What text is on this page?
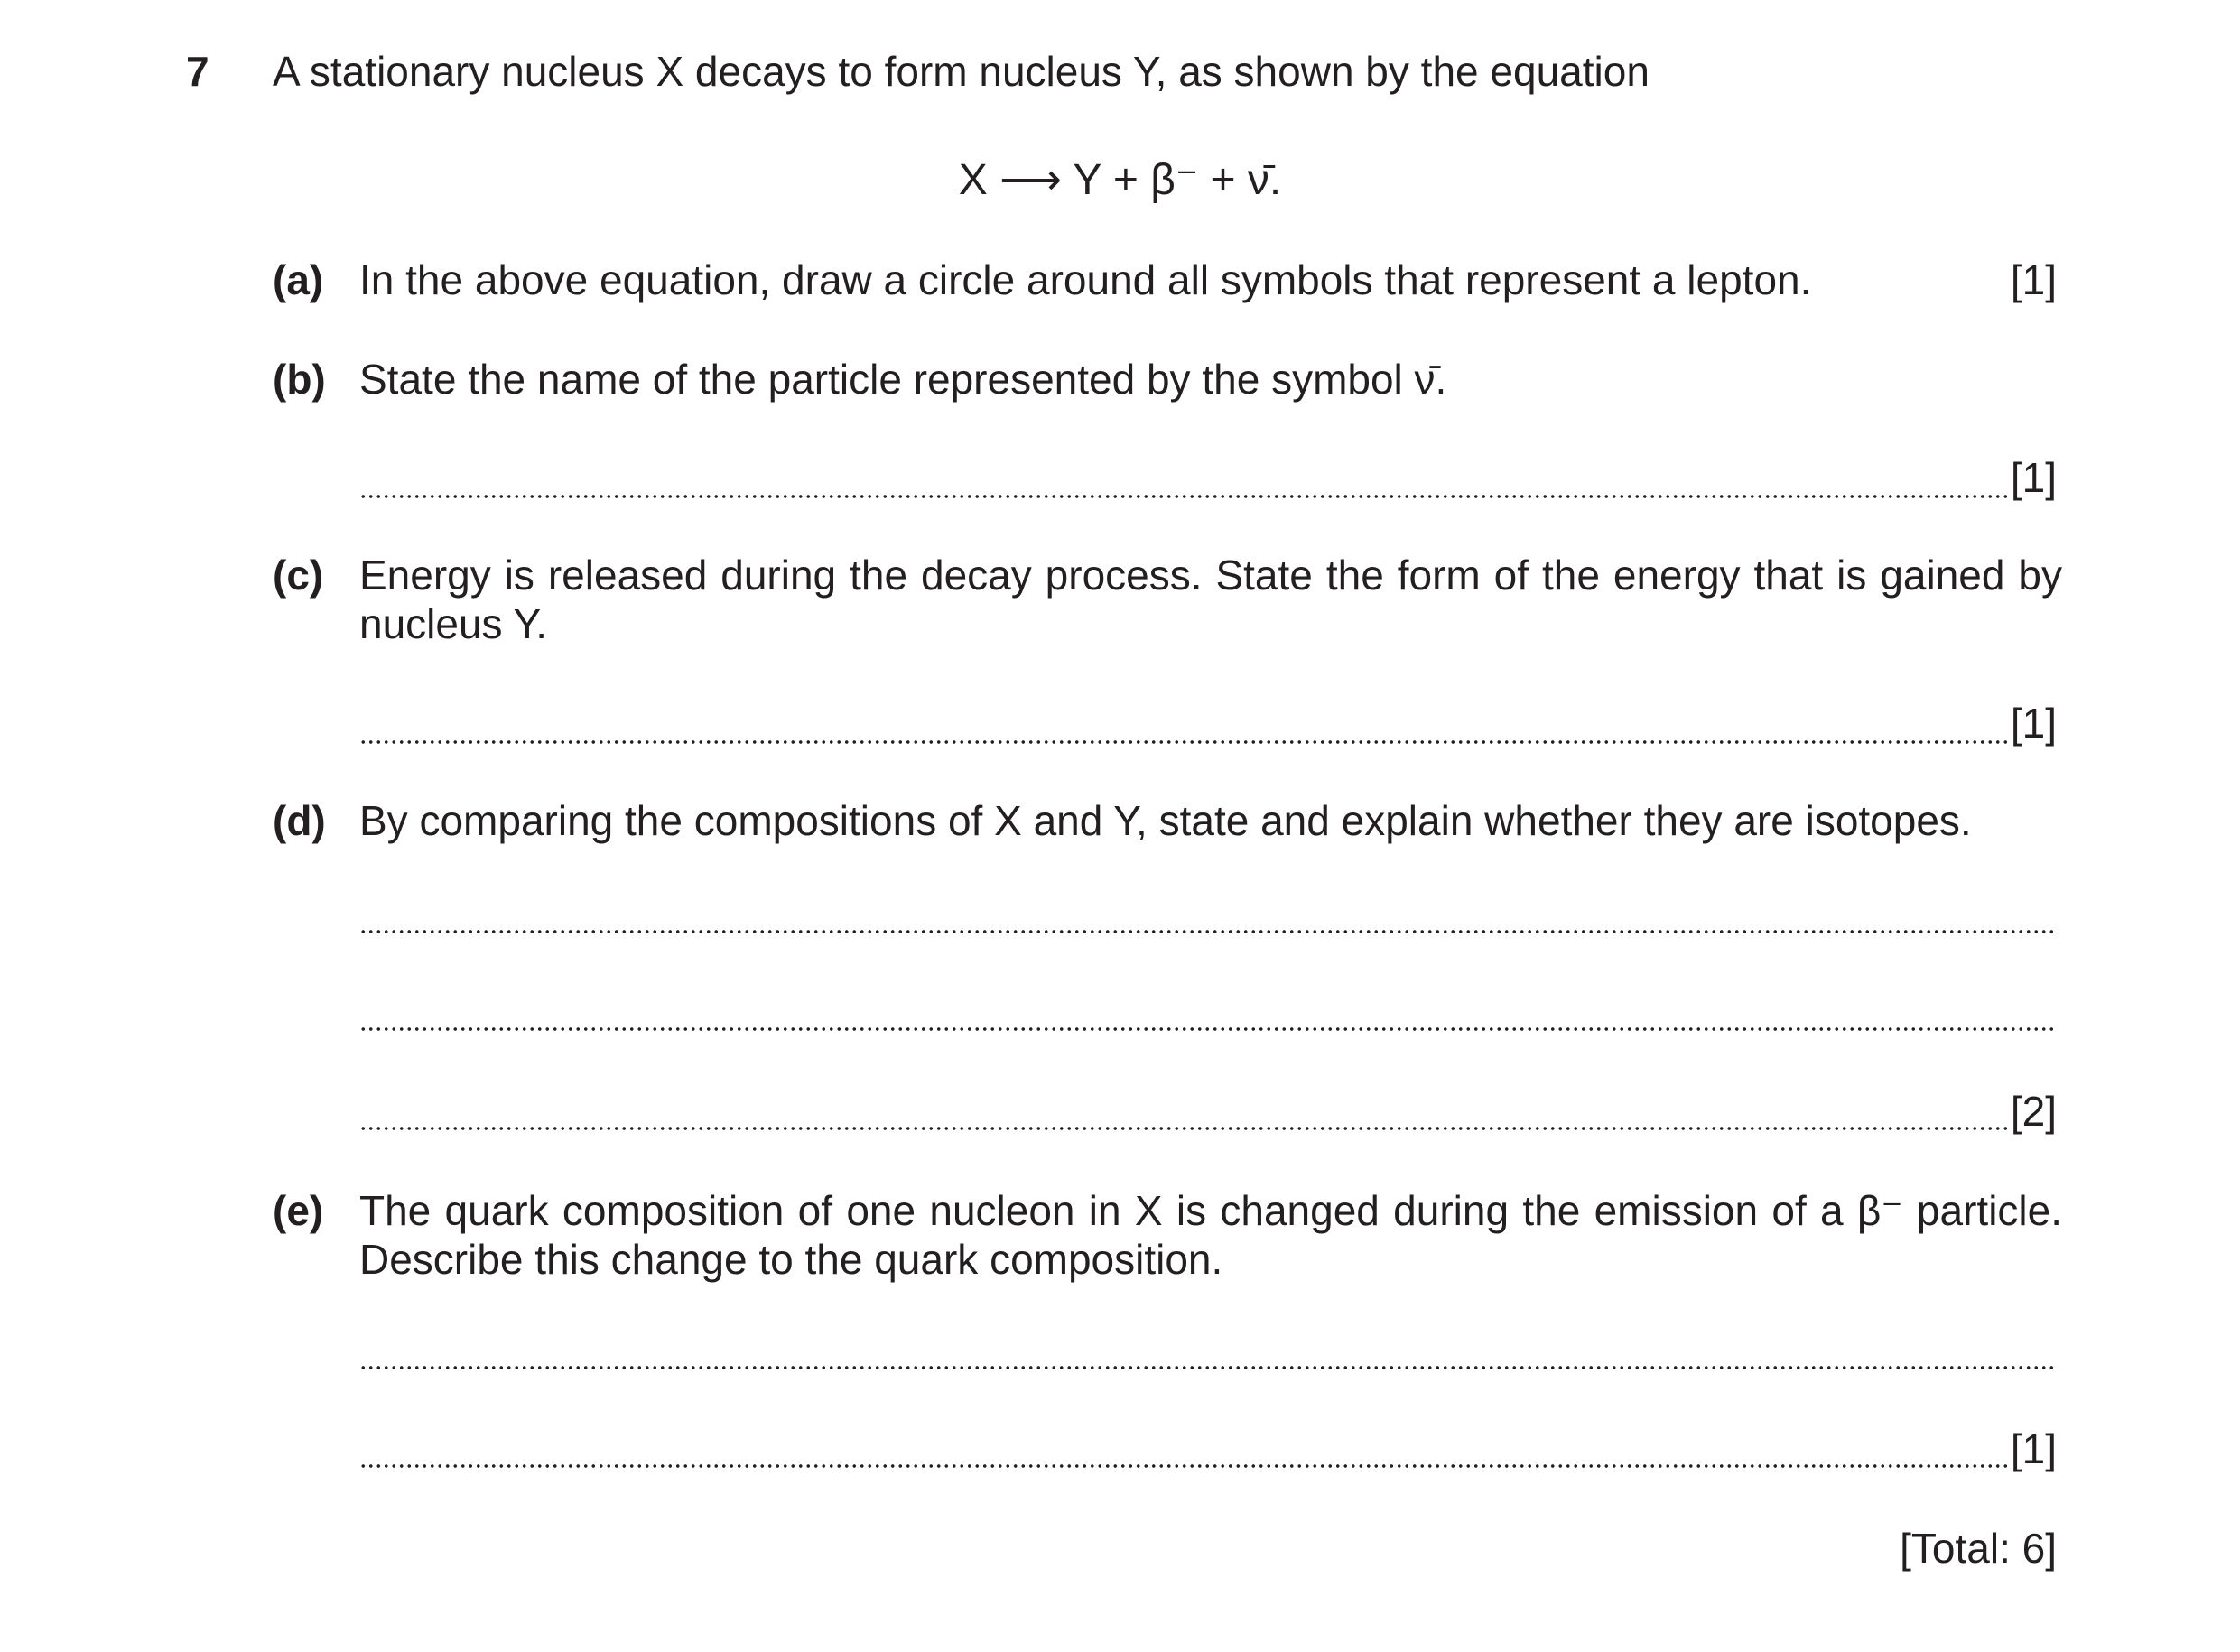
7 A stationary nucleus X decays to form nucleus Y, as shown by the equation
X ⟶ Y + β⁻ + ν̄.
(a) In the above equation, draw a circle around all symbols that represent a lepton.	[1]
(b) State the name of the particle represented by the symbol ν̄.
[1]
(c) Energy is released during the decay process. State the form of the energy that is gained by nucleus Y.
[1]
(d) By comparing the compositions of X and Y, state and explain whether they are isotopes.
[2]
(e) The quark composition of one nucleon in X is changed during the emission of a β⁻ particle. Describe this change to the quark composition.
[1]
[Total: 6]
